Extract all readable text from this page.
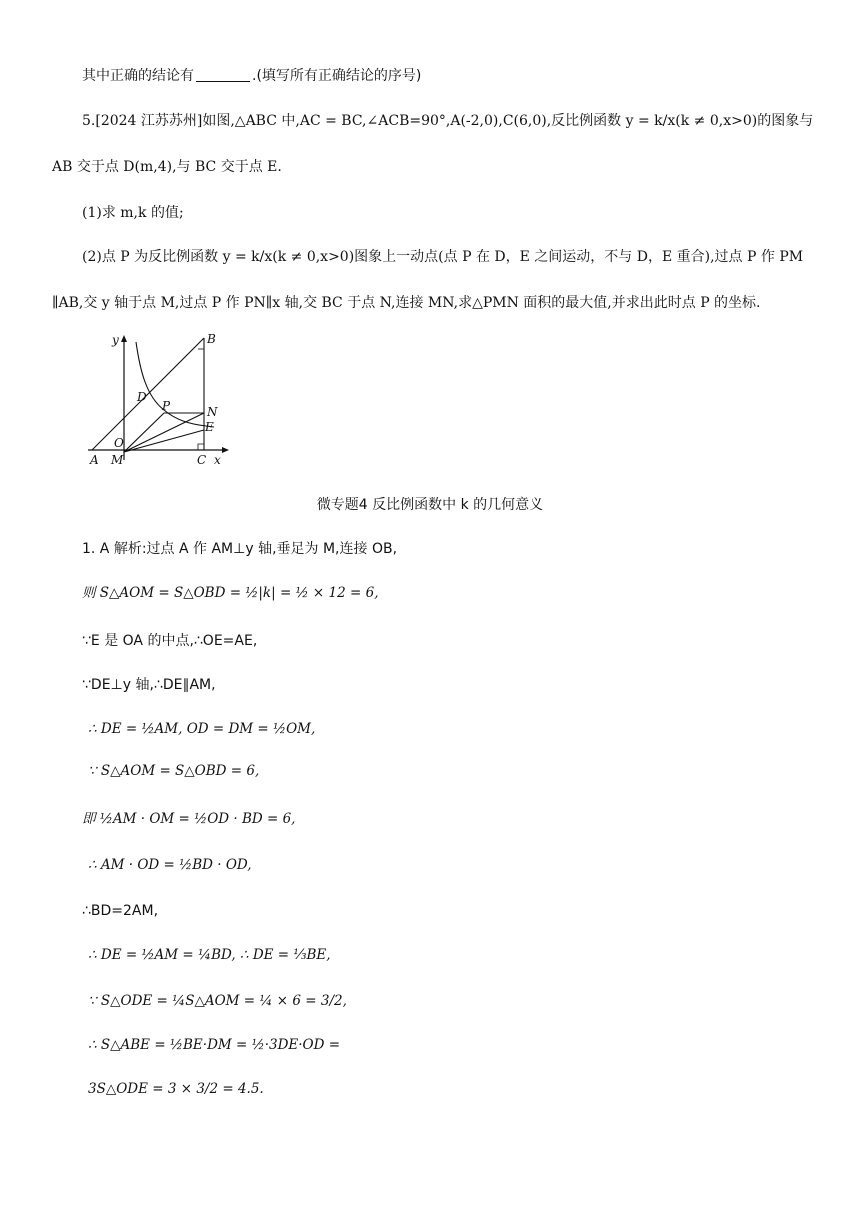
其中正确的结论有	.(填写所有正确结论的序号)
5.[2024 江苏苏州]如图,△ABC 中,AC = BC,∠ACB=90°,A(-2,0),C(6,0),反比例函数 y = k/x(k ≠ 0,x>0)的图象与
AB 交于点 D(m,4),与 BC 交于点 E.
(1)求 m,k 的值;
(2)点 P 为反比例函数 y = k/x(k ≠ 0,x>0)图象上一动点(点 P 在 D，E 之间运动，不与 D，E 重合),过点 P 作 PM
∥AB,交 y 轴于点 M,过点 P 作 PN∥x 轴,交 BC 于点 N,连接 MN,求△PMN 面积的最大值,并求出此时点 P 的坐标.
y	B
D
P	N
E
O
A M	C x
微专题4 反比例函数中 k 的几何意义
1. A 解析:过点 A 作 AM⊥y 轴,垂足为 M,连接 OB,
则 S△AOM = S△OBD = ½|k| = ½ × 12 = 6,
∵E 是 OA 的中点,∴OE=AE,
∵DE⊥y 轴,∴DE∥AM,
∴ DE = ½AM, OD = DM = ½OM,
∵ S△AOM = S△OBD = 6,
即 ½AM · OM = ½OD · BD = 6,
∴ AM · OD = ½BD · OD,
∴BD=2AM,
∴ DE = ½AM = ¼BD, ∴ DE = ⅓BE,
∵ S△ODE = ¼S△AOM = ¼ × 6 = 3/2,
∴ S△ABE = ½BE·DM = ½·3DE·OD =
3S△ODE = 3 × 3/2 = 4.5.
